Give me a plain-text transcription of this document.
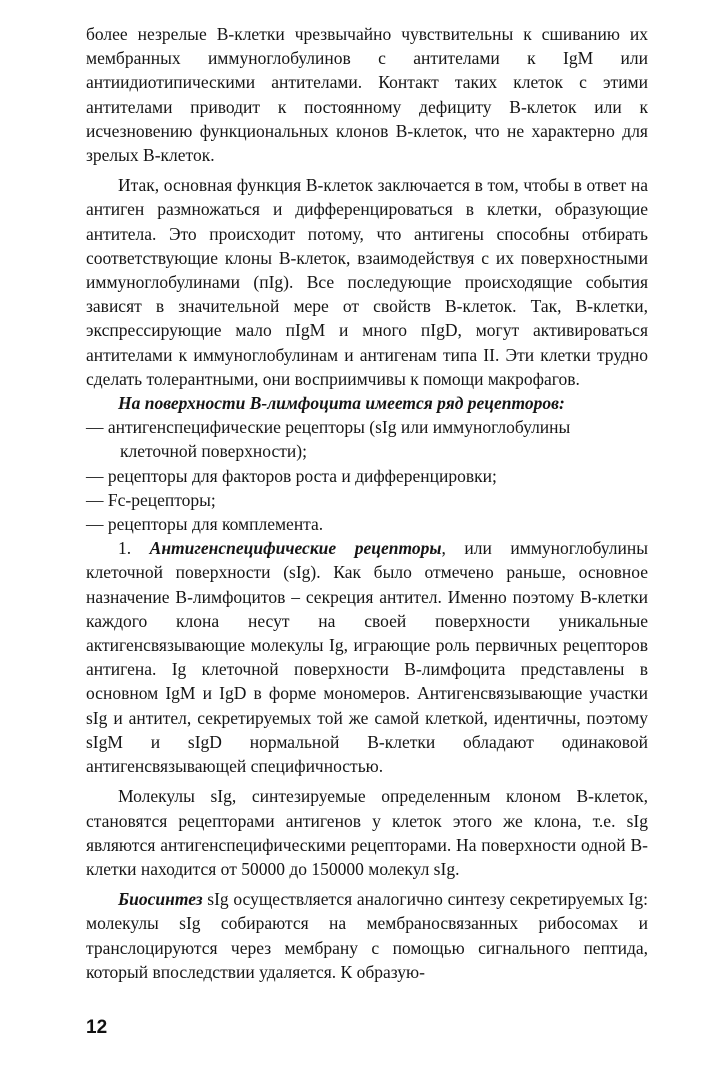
более незрелые В-клетки чрезвычайно чувствительны к сшиванию их мембранных иммуноглобулинов с антителами к IgM или антиидиотипическими антителами. Контакт таких клеток с этими антителами приводит к постоянному дефициту В-клеток или к исчезновению функциональных клонов В-клеток, что не характерно для зрелых В-клеток.

Итак, основная функция В-клеток заключается в том, чтобы в ответ на антиген размножаться и дифференцироваться в клетки, образующие антитела. Это происходит потому, что антигены способны отбирать соответствующие клоны В-клеток, взаимодействуя с их поверхностными иммуноглобулинами (пIg). Все последующие происходящие события зависят в значительной мере от свойств В-клеток. Так, В-клетки, экспрессирующие мало пIgM и много пIgD, могут активироваться антителами к иммуноглобулинам и антигенам типа II. Эти клетки трудно сделать толерантными, они восприимчивы к помощи макрофагов.

На поверхности В-лимфоцита имеется ряд рецепторов:

— антигенспецифические рецепторы (sIg или иммуноглобулины клеточной поверхности);

— рецепторы для факторов роста и дифференцировки;

— Fc-рецепторы;

— рецепторы для комплемента.

1. Антигенспецифические рецепторы, или иммуноглобулины клеточной поверхности (sIg). Как было отмечено раньше, основное назначение В-лимфоцитов – секреция антител. Именно поэтому В-клетки каждого клона несут на своей поверхности уникальные актигенсвязывающие молекулы Ig, играющие роль первичных рецепторов антигена. Ig клеточной поверхности В-лимфоцита представлены в основном IgM и IgD в форме мономеров. Антигенсвязывающие участки sIg и антител, секретируемых той же самой клеткой, идентичны, поэтому sIgM и sIgD нормальной В-клетки обладают одинаковой антигенсвязывающей специфичностью.

Молекулы sIg, синтезируемые определенным клоном В-клеток, становятся рецепторами антигенов у клеток этого же клона, т.е. sIg являются антигенспецифическими рецепторами. На поверхности одной В-клетки находится от 50000 до 150000 молекул sIg.

Биосинтез sIg осуществляется аналогично синтезу секретируемых Ig: молекулы sIg собираются на мембраносвязанных рибосомах и транслоцируются через мембрану с помощью сигнального пептида, который впоследствии удаляется. К образую-

12
